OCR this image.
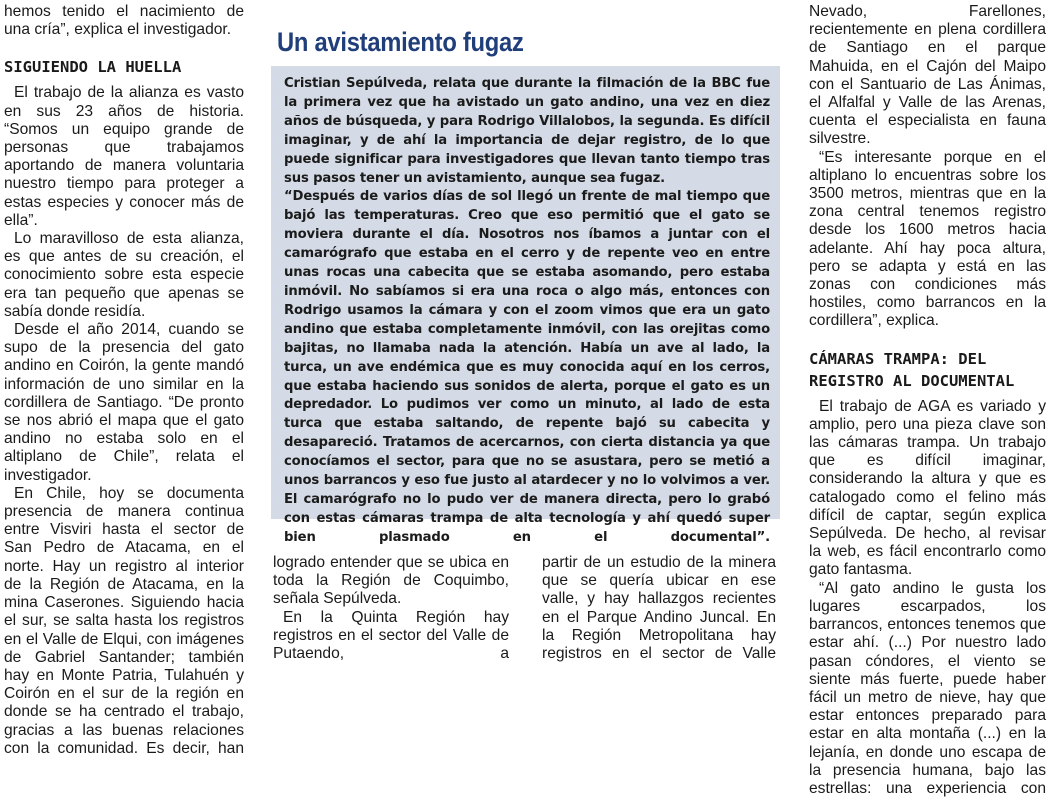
hemos tenido el nacimiento de una cría”, explica el investigador.

SIGUIENDO LA HUELLA

El trabajo de la alianza es vasto en sus 23 años de historia. “Somos un equipo grande de personas que trabajamos aportando de manera voluntaria nuestro tiempo para proteger a estas especies y conocer más de ella”.

Lo maravilloso de esta alianza, es que antes de su creación, el conocimiento sobre esta especie era tan pequeño que apenas se sabía donde residía.

Desde el año 2014, cuando se supo de la presencia del gato andino en Coirón, la gente mandó información de uno similar en la cordillera de Santiago. “De pronto se nos abrió el mapa que el gato andino no estaba solo en el altiplano de Chile”, relata el investigador.

En Chile, hoy se documenta presencia de manera continua entre Visviri hasta el sector de San Pedro de Atacama, en el norte. Hay un registro al interior de la Región de Atacama, en la mina Caserones. Siguiendo hacia el sur, se salta hasta los registros en el Valle de Elqui, con imágenes de Gabriel Santander; también hay en Monte Patria, Tulahuén y Coirón en el sur de la región en donde se ha centrado el trabajo, gracias a las buenas relaciones con la comunidad. Es decir, han

Un avistamiento fugaz

Cristian Sepúlveda, relata que durante la filmación de la BBC fue la primera vez que ha avistado un gato andino, una vez en diez años de búsqueda, y para Rodrigo Villalobos, la segunda. Es difícil imaginar, y de ahí la importancia de dejar registro, de lo que puede significar para investigadores que llevan tanto tiempo tras sus pasos tener un avistamiento, aunque sea fugaz.

“Después de varios días de sol llegó un frente de mal tiempo que bajó las temperaturas. Creo que eso permitió que el gato se moviera durante el día. Nosotros nos íbamos a juntar con el camarógrafo que estaba en el cerro y de repente veo en entre unas rocas una cabecita que se estaba asomando, pero estaba inmóvil. No sabíamos si era una roca o algo más, entonces con Rodrigo usamos la cámara y con el zoom vimos que era un gato andino que estaba completamente inmóvil, con las orejitas como bajitas, no llamaba nada la atención. Había un ave al lado, la turca, un ave endémica que es muy conocida aquí en los cerros, que estaba haciendo sus sonidos de alerta, porque el gato es un depredador. Lo pudimos ver como un minuto, al lado de esta turca que estaba saltando, de repente bajó su cabecita y desapareció. Tratamos de acercarnos, con cierta distancia ya que conocíamos el sector, para que no se asustara, pero se metió a unos barrancos y eso fue justo al atardecer y no lo volvimos a ver. El camarógrafo no lo pudo ver de manera directa, pero lo grabó con estas cámaras trampa de alta tecnología y ahí quedó super bien plasmado en el documental”.

logrado entender que se ubica en toda la Región de Coquimbo, señala Sepúlveda.

En la Quinta Región hay registros en el sector del Valle de Putaendo, a

partir de un estudio de la minera que se quería ubicar en ese valle, y hay hallazgos recientes en el Parque Andino Juncal. En la Región Metropolitana hay registros en el sector de Valle

Nevado, Farellones, recientemente en plena cordillera de Santiago en el parque Mahuida, en el Cajón del Maipo con el Santuario de Las Ánimas, el Alfalfal y Valle de las Arenas, cuenta el especialista en fauna silvestre.

“Es interesante porque en el altiplano lo encuentras sobre los 3500 metros, mientras que en la zona central tenemos registro desde los 1600 metros hacia adelante. Ahí hay poca altura, pero se adapta y está en las zonas con condiciones más hostiles, como barrancos en la cordillera”, explica.

CÁMARAS TRAMPA: DEL REGISTRO AL DOCUMENTAL

El trabajo de AGA es variado y amplio, pero una pieza clave son las cámaras trampa. Un trabajo que es difícil imaginar, considerando la altura y que es catalogado como el felino más difícil de captar, según explica Sepúlveda. De hecho, al revisar la web, es fácil encontrarlo como gato fantasma.

“Al gato andino le gusta los lugares escarpados, los barrancos, entonces tenemos que estar ahí. (...) Por nuestro lado pasan cóndores, el viento se siente más fuerte, puede haber fácil un metro de nieve, hay que estar entonces preparado para estar en alta montaña (...) en la lejanía, en donde uno escapa de la presencia humana, bajo las estrellas: una experiencia con
